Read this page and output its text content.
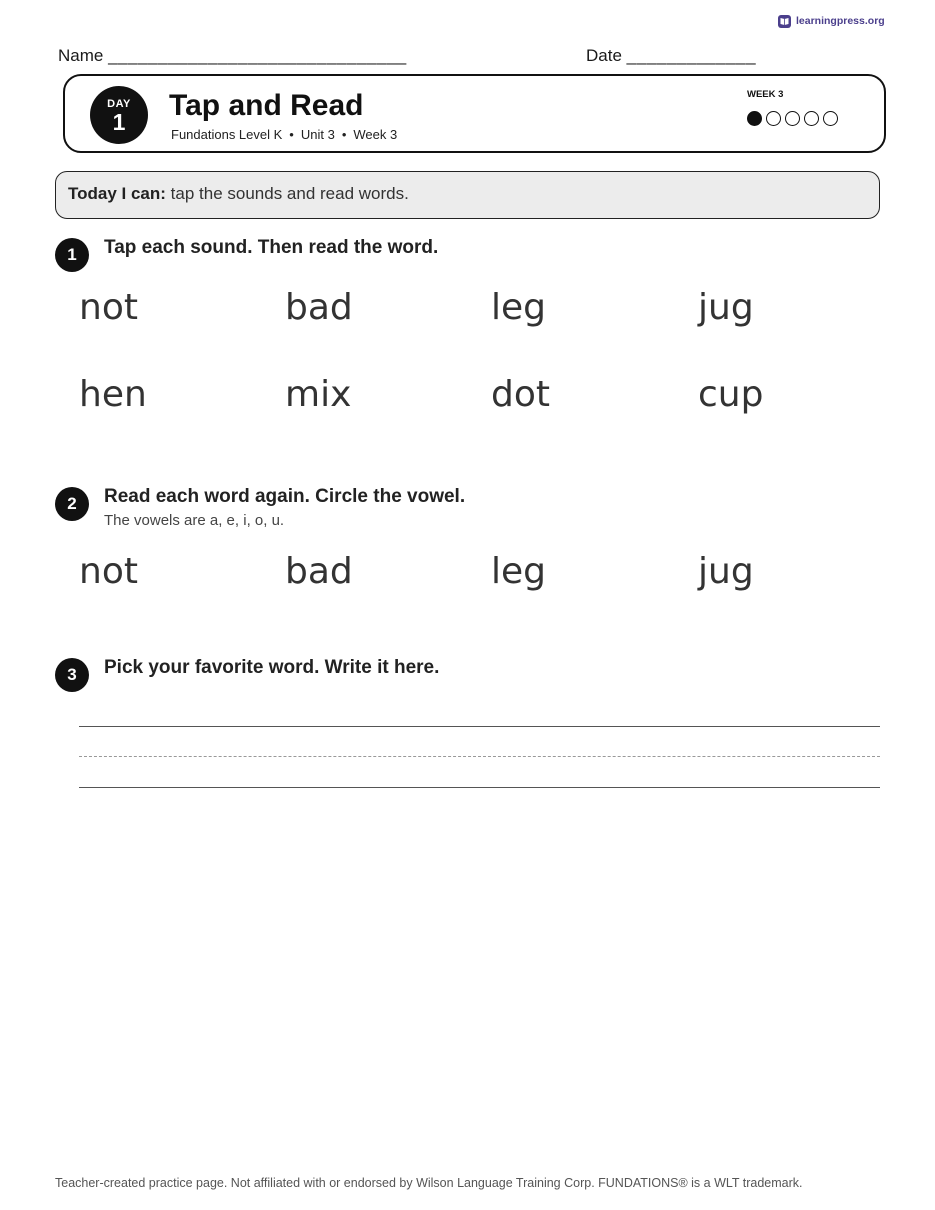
learningpress.org
Name ______________________________	Date _____________
DAY
1	Tap and Read
Fundations Level K • Unit 3 • Week 3
WEEK 3
Today I can: tap the sounds and read words.
1	Tap each sound. Then read the word.
not	bad	leg	jug
hen	mix	dot	cup
2	Read each word again. Circle the vowel.
The vowels are a, e, i, o, u.
not	bad	leg	jug
3	Pick your favorite word. Write it here.
Teacher-created practice page. Not affiliated with or endorsed by Wilson Language Training Corp. FUNDATIONS® is a WLT trademark.
